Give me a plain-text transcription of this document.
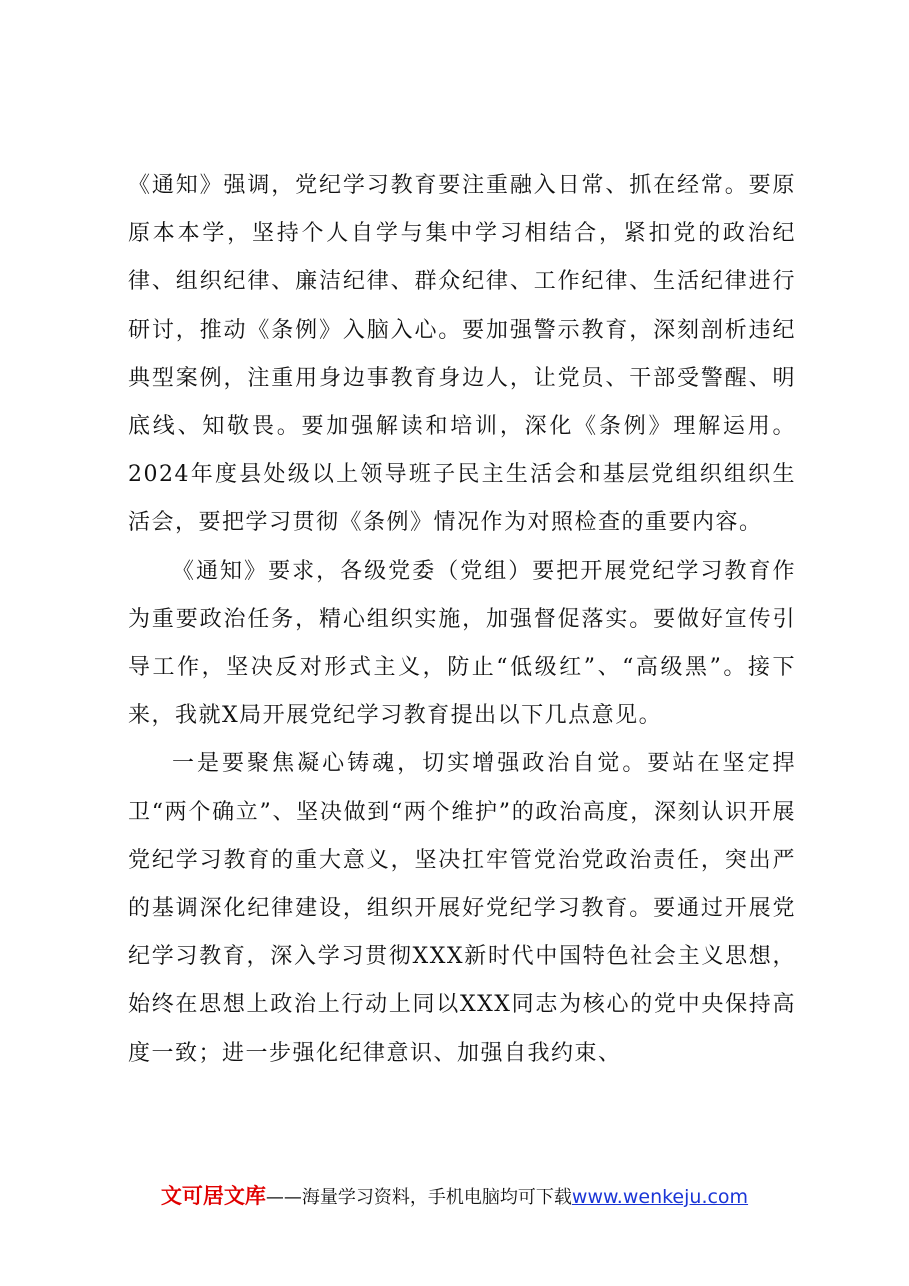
《通知》强调，党纪学习教育要注重融入日常、抓在经常。要原原本本学，坚持个人自学与集中学习相结合，紧扣党的政治纪律、组织纪律、廉洁纪律、群众纪律、工作纪律、生活纪律进行研讨，推动《条例》入脑入心。要加强警示教育，深刻剖析违纪典型案例，注重用身边事教育身边人，让党员、干部受警醒、明底线、知敬畏。要加强解读和培训，深化《条例》理解运用。2024年度县处级以上领导班子民主生活会和基层党组织组织生活会，要把学习贯彻《条例》情况作为对照检查的重要内容。

《通知》要求，各级党委（党组）要把开展党纪学习教育作为重要政治任务，精心组织实施，加强督促落实。要做好宣传引导工作，坚决反对形式主义，防止“低级红”、“高级黑”。接下来，我就X局开展党纪学习教育提出以下几点意见。

一是要聚焦凝心铸魂，切实增强政治自觉。要站在坚定捍卫“两个确立”、坚决做到“两个维护”的政治高度，深刻认识开展党纪学习教育的重大意义，坚决扛牢管党治党政治责任，突出严的基调深化纪律建设，组织开展好党纪学习教育。要通过开展党纪学习教育，深入学习贯彻XXX新时代中国特色社会主义思想，始终在思想上政治上行动上同以XXX同志为核心的党中央保持高度一致；进一步强化纪律意识、加强自我约束、

文可居文库——海量学习资料，手机电脑均可下载www.wenkeju.com
